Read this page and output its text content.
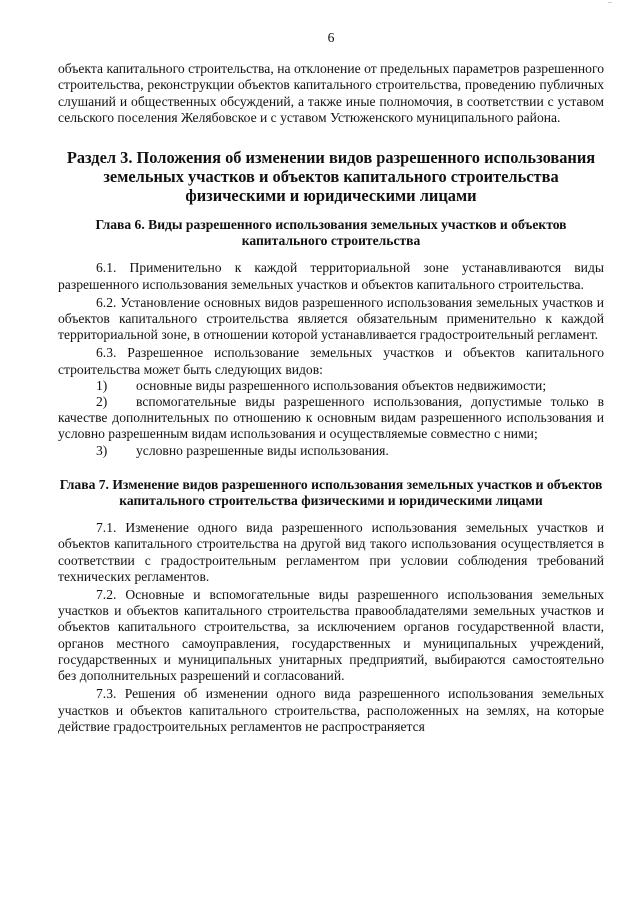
6

объекта капитального строительства, на отклонение от предельных параметров разрешенного строительства, реконструкции объектов капитального строительства, проведению публичных слушаний и общественных обсуждений, а также иные полномочия, в соответствии с уставом сельского поселения Желябовское и с уставом Устюженского муниципального района.

Раздел 3. Положения об изменении видов разрешенного использования земельных участков и объектов капитального строительства физическими и юридическими лицами
Глава 6. Виды разрешенного использования земельных участков и объектов капитального строительства

6.1. Применительно к каждой территориальной зоне устанавливаются виды разрешенного использования земельных участков и объектов капитального строительства.

6.2. Установление основных видов разрешенного использования земельных участков и объектов капитального строительства является обязательным применительно к каждой территориальной зоне, в отношении которой устанавливается градостроительный регламент.

6.3. Разрешенное использование земельных участков и объектов капитального строительства может быть следующих видов:

1) основные виды разрешенного использования объектов недвижимости;

2) вспомогательные виды разрешенного использования, допустимые только в качестве дополнительных по отношению к основным видам разрешенного использования и условно разрешенным видам использования и осуществляемые совместно с ними;

3) условно разрешенные виды использования.

Глава 7. Изменение видов разрешенного использования земельных участков и объектов капитального строительства физическими и юридическими лицами

7.1. Изменение одного вида разрешенного использования земельных участков и объектов капитального строительства на другой вид такого использования осуществляется в соответствии с градостроительным регламентом при условии соблюдения требований технических регламентов.

7.2. Основные и вспомогательные виды разрешенного использования земельных участков и объектов капитального строительства правообладателями земельных участков и объектов капитального строительства, за исключением органов государственной власти, органов местного самоуправления, государственных и муниципальных учреждений, государственных и муниципальных унитарных предприятий, выбираются самостоятельно без дополнительных разрешений и согласований.

7.3. Решения об изменении одного вида разрешенного использования земельных участков и объектов капитального строительства, расположенных на землях, на которые действие градостроительных регламентов не распространяется
